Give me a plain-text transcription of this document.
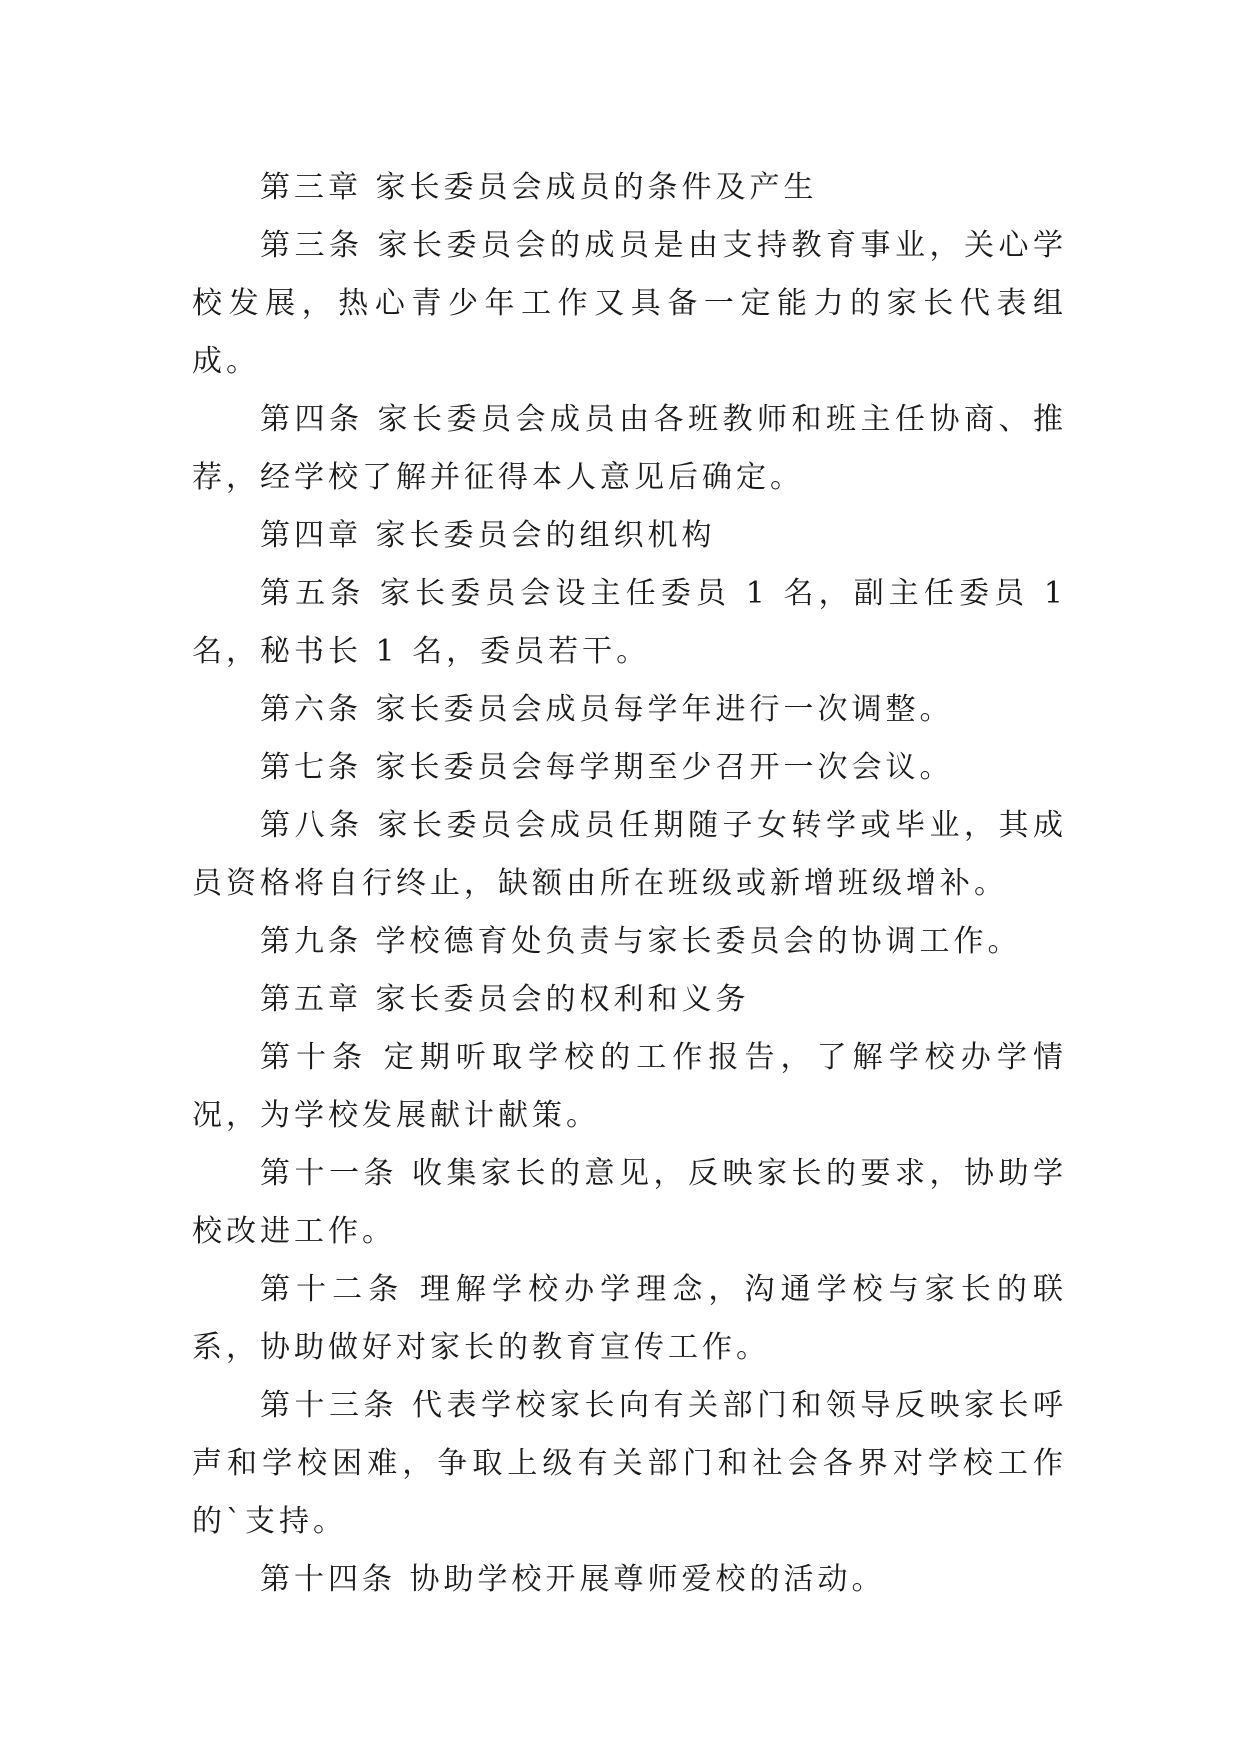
第三章 家长委员会成员的条件及产生

第三条 家长委员会的成员是由支持教育事业，关心学校发展，热心青少年工作又具备一定能力的家长代表组成。

第四条 家长委员会成员由各班教师和班主任协商、推荐，经学校了解并征得本人意见后确定。

第四章 家长委员会的组织机构

第五条 家长委员会设主任委员 1 名，副主任委员 1 名，秘书长 1 名，委员若干。

第六条 家长委员会成员每学年进行一次调整。

第七条 家长委员会每学期至少召开一次会议。

第八条 家长委员会成员任期随子女转学或毕业，其成员资格将自行终止，缺额由所在班级或新增班级增补。

第九条 学校德育处负责与家长委员会的协调工作。

第五章 家长委员会的权利和义务

第十条 定期听取学校的工作报告，了解学校办学情况，为学校发展献计献策。

第十一条 收集家长的意见，反映家长的要求，协助学校改进工作。

第十二条 理解学校办学理念，沟通学校与家长的联系，协助做好对家长的教育宣传工作。

第十三条 代表学校家长向有关部门和领导反映家长呼声和学校困难，争取上级有关部门和社会各界对学校工作的`支持。

第十四条 协助学校开展尊师爱校的活动。
